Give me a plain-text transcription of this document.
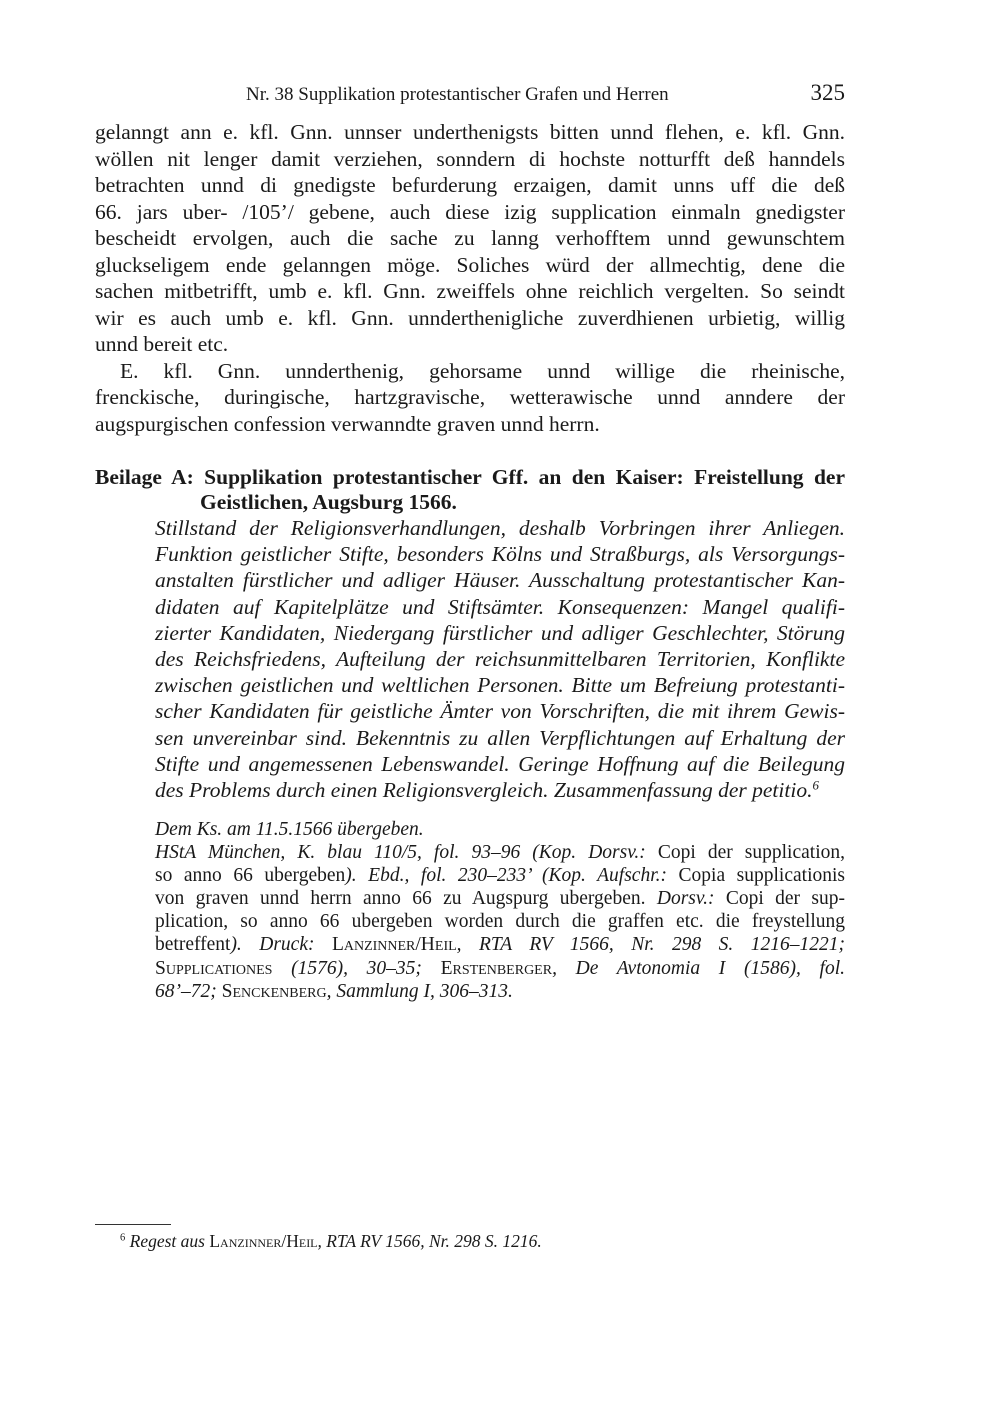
Nr. 38 Supplikation protestantischer Grafen und Herren	325
gelanngt ann e. kfl. Gnn. unnser underthenigsts bitten unnd flehen, e. kfl. Gnn.
wöllen nit lenger damit verziehen, sonndern di hochste notturfft deß hanndels
betrachten unnd di gnedigste befurderung erzaigen, damit unns uff die deß
66. jars uber- /105’/ gebene, auch diese izig supplication einmaln gnedigster
bescheidt ervolgen, auch die sache zu lanng verhofftem unnd gewunschtem
gluckseligem ende gelanngen möge. Soliches würd der allmechtig, dene die
sachen mitbetrifft, umb e. kfl. Gnn. zweiffels ohne reichlich vergelten. So seindt
wir es auch umb e. kfl. Gnn. unnderthenigliche zuverdhienen urbietig, willig
unnd bereit etc.
E. kfl. Gnn. unnderthenig, gehorsame unnd willige die rheinische,
frenckische, duringische, hartzgravische, wetterawische unnd anndere der
augspurgischen confession verwanndte graven unnd herrn.
Beilage A: Supplikation protestantischer Gff. an den Kaiser: Freistellung der
Geistlichen, Augsburg 1566.
Stillstand der Religionsverhandlungen, deshalb Vorbringen ihrer Anliegen.
Funktion geistlicher Stifte, besonders Kölns und Straßburgs, als Versorgungs-
anstalten fürstlicher und adliger Häuser. Ausschaltung protestantischer Kan-
didaten auf Kapitelplätze und Stiftsämter. Konsequenzen: Mangel qualifi-
zierter Kandidaten, Niedergang fürstlicher und adliger Geschlechter, Störung
des Reichsfriedens, Aufteilung der reichsunmittelbaren Territorien, Konflikte
zwischen geistlichen und weltlichen Personen. Bitte um Befreiung protestanti-
scher Kandidaten für geistliche Ämter von Vorschriften, die mit ihrem Gewis-
sen unvereinbar sind. Bekenntnis zu allen Verpflichtungen auf Erhaltung der
Stifte und angemessenen Lebenswandel. Geringe Hoffnung auf die Beilegung
des Problems durch einen Religionsvergleich. Zusammenfassung der petitio.$^6$
Dem Ks. am 11.5.1566 übergeben.
HStA München, K. blau 110/5, fol. 93–96 (Kop. Dorsv.: Copi der supplication,
so anno 66 ubergeben). Ebd., fol. 230–233’ (Kop. Aufschr.: Copia supplicationis
von graven unnd herrn anno 66 zu Augspurg ubergeben. Dorsv.: Copi der sup-
plication, so anno 66 ubergeben worden durch die graffen etc. die freystellung
betreffent). Druck: Lanzinner/Heil, RTA RV 1566, Nr. 298 S. 1216–1221;
Supplicationes (1576), 30–35; Erstenberger, De Avtonomia I (1586), fol.
68’–72; Senckenberg, Sammlung I, 306–313.
$^6$ Regest aus Lanzinner/Heil, RTA RV 1566, Nr. 298 S. 1216.
